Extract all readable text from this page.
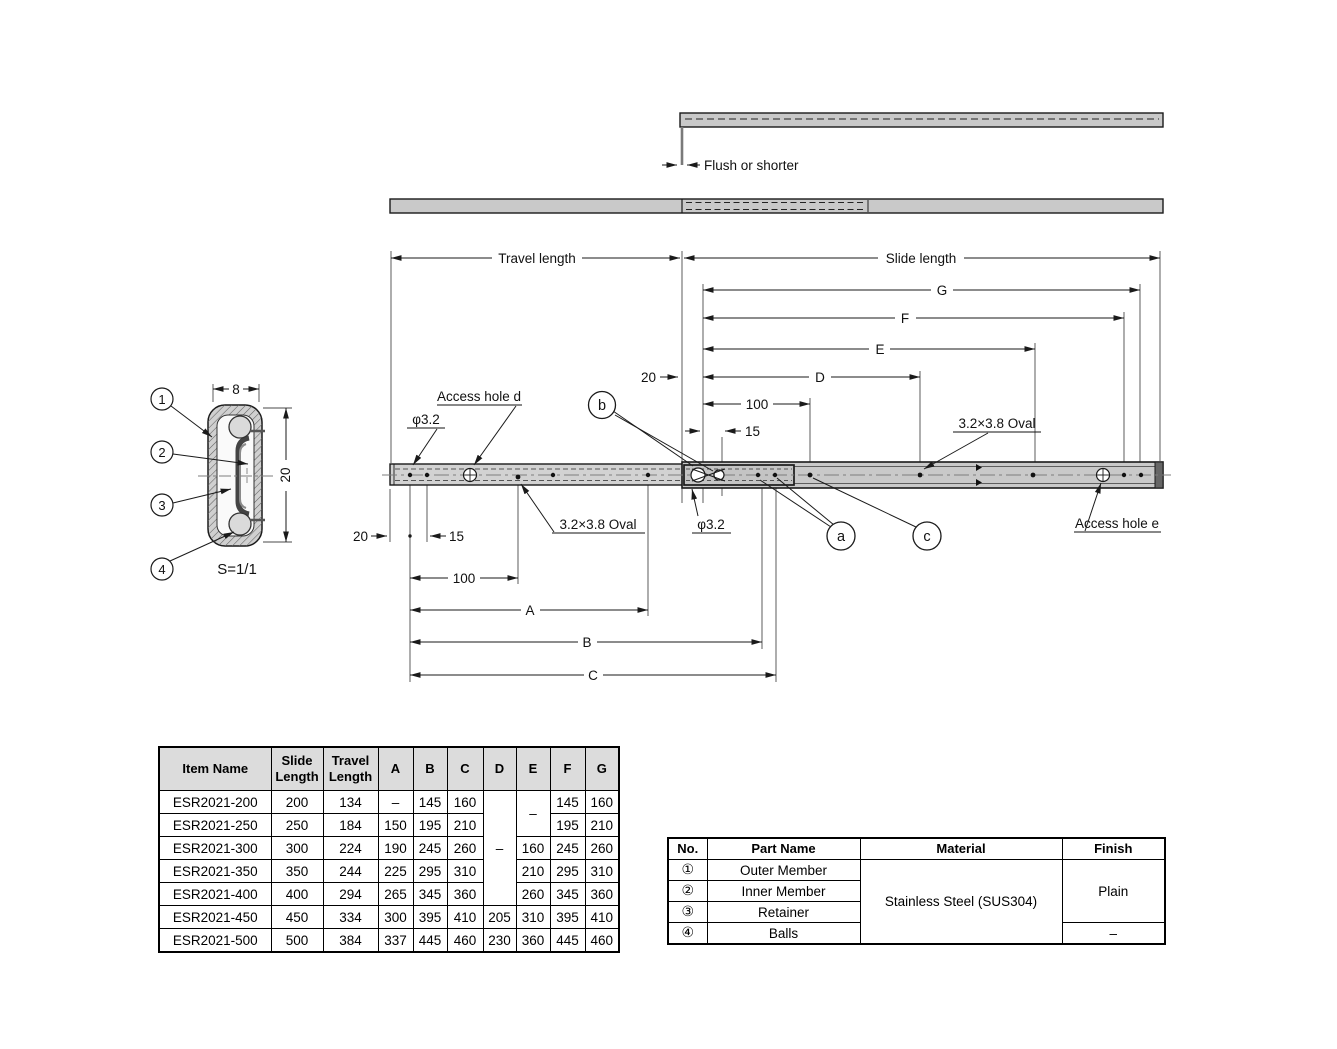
Flush or shorter
Travel length	Slide length
G
F
E
D
20
100
15
20	15
100
A
B
C
Access hole d
φ3.2	3.2×3.8 Oval
3.2×3.8 Oval	φ3.2	Access hole e
b
a	c
8
20
S=1/1
1
2
3
4
Item Name	Slide Length	Travel Length	A	B	C	D	E	F	G
ESR2021-200	200	134	–	145	160	–	–	145	160
ESR2021-250	250	184	150	195	210			195	210
ESR2021-300	300	224	190	245	260		160	245	260
ESR2021-350	350	244	225	295	310		210	295	310
ESR2021-400	400	294	265	345	360		260	345	360
ESR2021-450	450	334	300	395	410	205	310	395	410
ESR2021-500	500	384	337	445	460	230	360	445	460
No.	Part Name	Material	Finish
①	Outer Member	Stainless Steel (SUS304)	Plain
②	Inner Member		
③	Retainer		
④	Balls		–
